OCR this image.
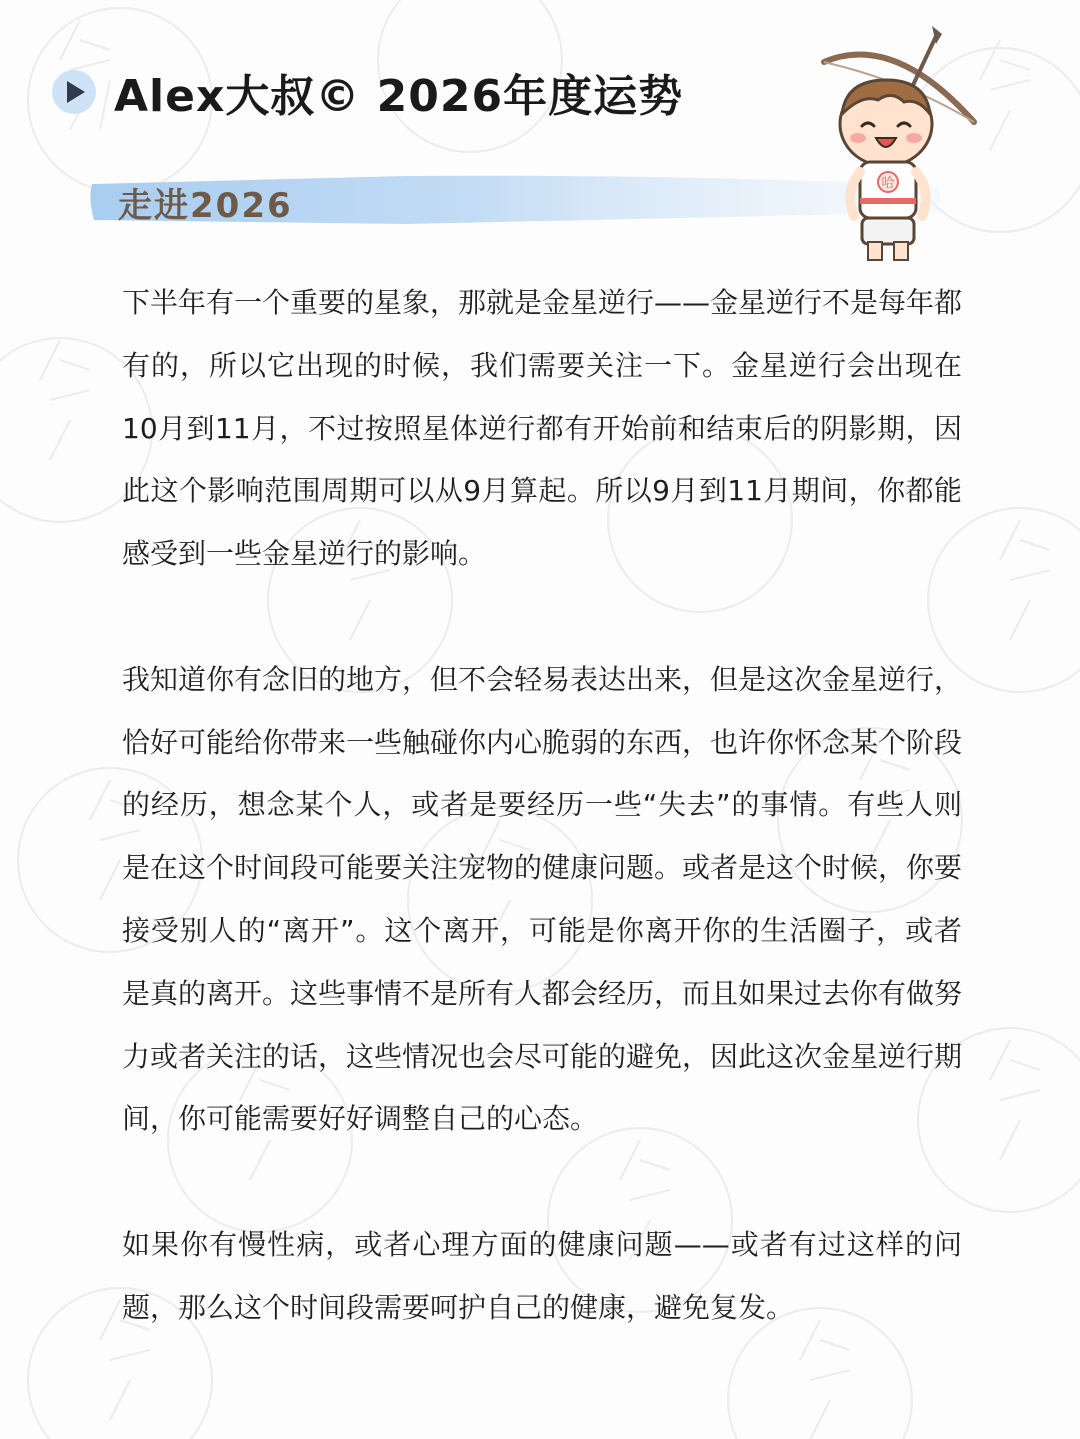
Alex大叔© 2026年度运势
走进2026
哈

下半年有一个重要的星象，那就是金星逆行——金星逆行不是每年都有的，所以它出现的时候，我们需要关注一下。金星逆行会出现在10月到11月，不过按照星体逆行都有开始前和结束后的阴影期，因此这个影响范围周期可以从9月算起。所以9月到11月期间，你都能感受到一些金星逆行的影响。

我知道你有念旧的地方，但不会轻易表达出来，但是这次金星逆行，恰好可能给你带来一些触碰你内心脆弱的东西，也许你怀念某个阶段的经历，想念某个人，或者是要经历一些“失去”的事情。有些人则是在这个时间段可能要关注宠物的健康问题。或者是这个时候，你要接受别人的“离开”。这个离开，可能是你离开你的生活圈子，或者是真的离开。这些事情不是所有人都会经历，而且如果过去你有做努力或者关注的话，这些情况也会尽可能的避免，因此这次金星逆行期间，你可能需要好好调整自己的心态。

如果你有慢性病，或者心理方面的健康问题——或者有过这样的问题，那么这个时间段需要呵护自己的健康，避免复发。
